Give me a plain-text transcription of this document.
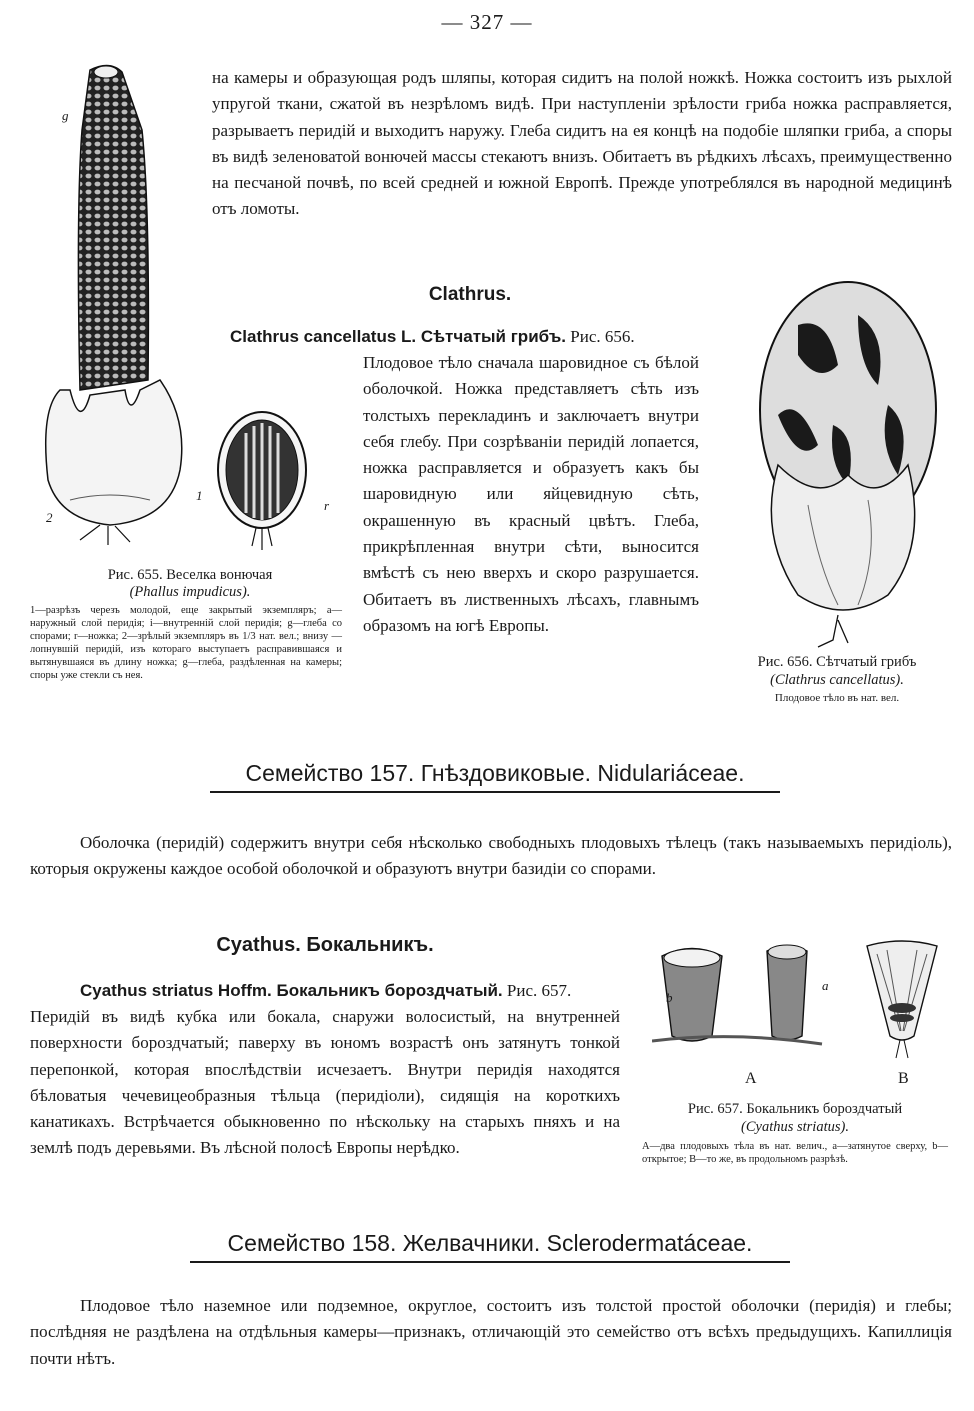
— 327 —
g
2
1
r
на камеры и образующая родъ шляпы, которая сидитъ на полой ножкѣ. Ножка состоитъ изъ рыхлой упругой ткани, сжатой въ незрѣломъ видѣ. При наступленіи зрѣлости гриба ножка расправляется, разрываетъ перидій и выходитъ наружу. Глеба сидитъ на ея концѣ на подобіе шляпки гриба, а споры въ видѣ зеленоватой вонючей массы стекаютъ внизъ. Обитаетъ въ рѣдкихъ лѣсахъ, преимущественно на песчаной почвѣ, по всей средней и южной Европѣ. Прежде употреблялся въ народной медицинѣ отъ ломоты.
Clathrus.
Clathrus cancellatus L. Сѣтчатый грибъ. Рис. 656.
Плодовое тѣло сначала шаровидное съ бѣлой оболочкой. Ножка представляетъ сѣть изъ толстыхъ перекладинъ и заключаетъ внутри себя глебу. При созрѣваніи перидій лопается, ножка расправляется и образуетъ какъ бы шаровидную или яйцевидную сѣть, окрашенную въ красный цвѣтъ. Глеба, прикрѣпленная внутри сѣти, выносится вмѣстѣ съ нею вверхъ и скоро разрушается. Обитаетъ въ лиственныхъ лѣсахъ, главнымъ образомъ на югѣ Европы.
Рис. 655. Веселка вонючая
(Phallus impudicus).
1—разрѣзъ черезъ молодой, еще закрытый экземпляръ; a—наружный слой перидія; i—внутренній слой перидія; g—глеба со спорами; r—ножка; 2—зрѣлый экземпляръ въ 1/3 нат. вел.; внизу — лопнувшій перидій, изъ котораго выступаетъ расправившаяся и вытянувшаяся въ длину ножка; g—глеба, раздѣленная на камеры; споры уже стекли съ нея.
Рис. 656. Сѣтчатый грибъ
(Clathrus cancellatus).
Плодовое тѣло въ нат. вел.
Семейство 157. Гнѣздовиковые. Nidulariáceae.
Оболочка (перидій) содержитъ внутри себя нѣсколько свободныхъ плодовыхъ тѣлецъ (такъ называемыхъ перидіоль), которыя окружены каждое особой оболочкой и образуютъ внутри базидіи со спорами.
Cyathus. Бокальникъ.
Cyathus striatus Hoffm. Бокальникъ бороздчатый. Рис. 657.
Перидій въ видѣ кубка или бокала, снаружи волосистый, на внутренней поверхности бороздчатый; паверху въ юномъ возрастѣ онъ затянутъ тонкой перепонкой, которая впослѣдствіи исчезаетъ. Внутри перидія находятся бѣловатыя чечевицеобразныя тѣльца (перидіоли), сидящія на короткихъ канатикахъ. Встрѣчается обыкновенно по нѣскольку на старыхъ пняхъ и на землѣ подъ деревьями. Въ лѣсной полосѣ Европы нерѣдко.
b
a
A	B
Рис. 657. Бокальникъ бороздчатый
(Cyathus striatus).
A—два плодовыхъ тѣла въ нат. велич., a—затянутое сверху, b—открытое; B—то же, въ продольномъ разрѣзѣ.
Семейство 158. Желвачники. Sclerodermatáceae.
Плодовое тѣло наземное или подземное, округлое, состоитъ изъ толстой простой оболочки (перидія) и глебы; послѣдняя не раздѣлена на отдѣльныя камеры—признакъ, отличающій это семейство отъ всѣхъ предыдущихъ. Капиллиція почти нѣтъ.
